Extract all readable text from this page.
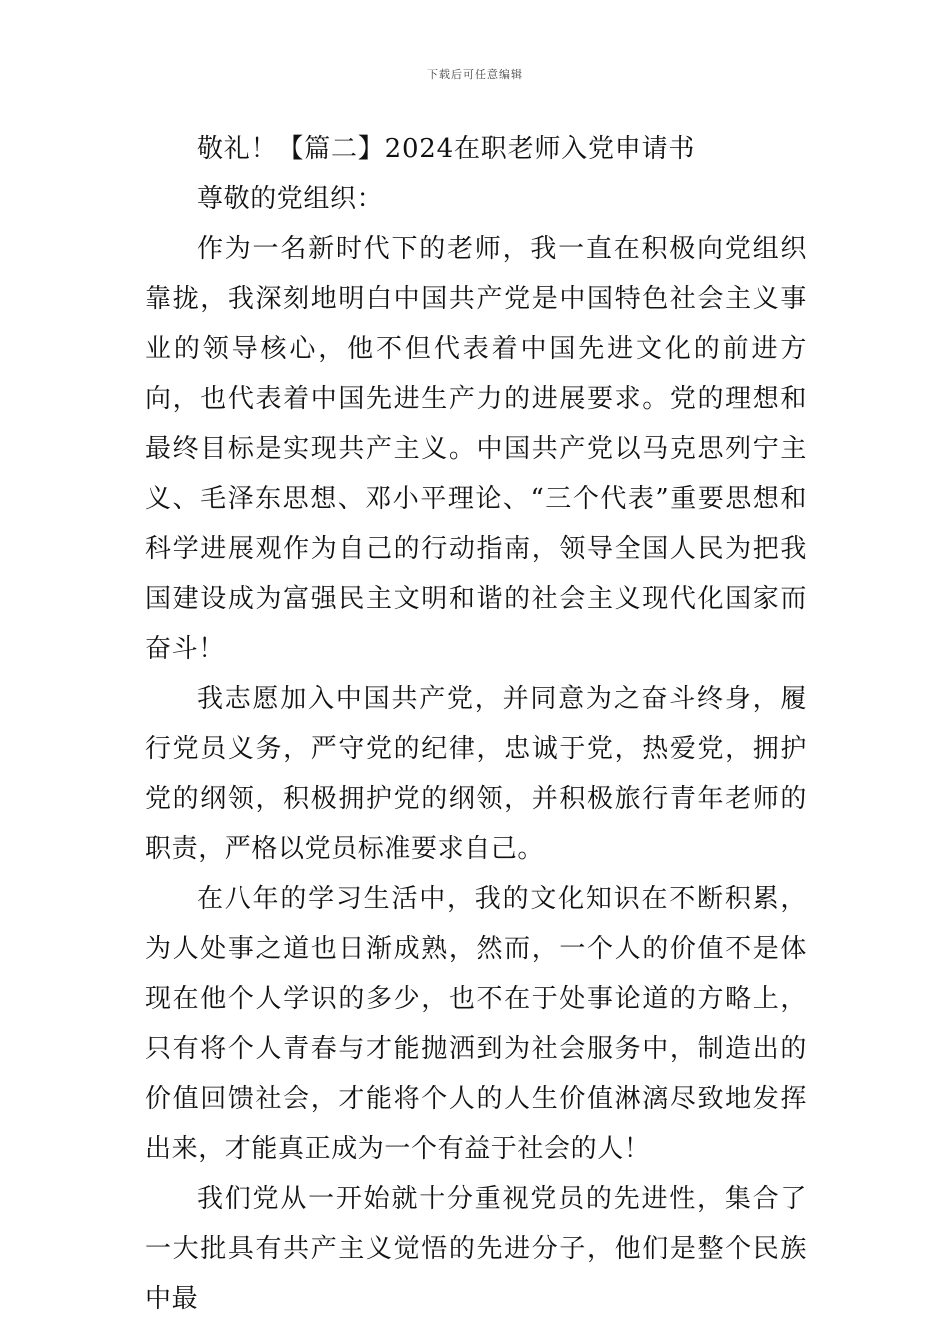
下载后可任意编辑

敬礼！【篇二】2024在职老师入党申请书

尊敬的党组织：

作为一名新时代下的老师，我一直在积极向党组织靠拢，我深刻地明白中国共产党是中国特色社会主义事业的领导核心，他不但代表着中国先进文化的前进方向，也代表着中国先进生产力的进展要求。党的理想和最终目标是实现共产主义。中国共产党以马克思列宁主义、毛泽东思想、邓小平理论、“三个代表”重要思想和科学进展观作为自己的行动指南，领导全国人民为把我国建设成为富强民主文明和谐的社会主义现代化国家而奋斗！

我志愿加入中国共产党，并同意为之奋斗终身，履行党员义务，严守党的纪律，忠诚于党，热爱党，拥护党的纲领，积极拥护党的纲领，并积极旅行青年老师的职责，严格以党员标准要求自己。

在八年的学习生活中，我的文化知识在不断积累，为人处事之道也日渐成熟，然而，一个人的价值不是体现在他个人学识的多少，也不在于处事论道的方略上，只有将个人青春与才能抛洒到为社会服务中，制造出的价值回馈社会，才能将个人的人生价值淋漓尽致地发挥出来，才能真正成为一个有益于社会的人！

我们党从一开始就十分重视党员的先进性，集合了一大批具有共产主义觉悟的先进分子，他们是整个民族中最
